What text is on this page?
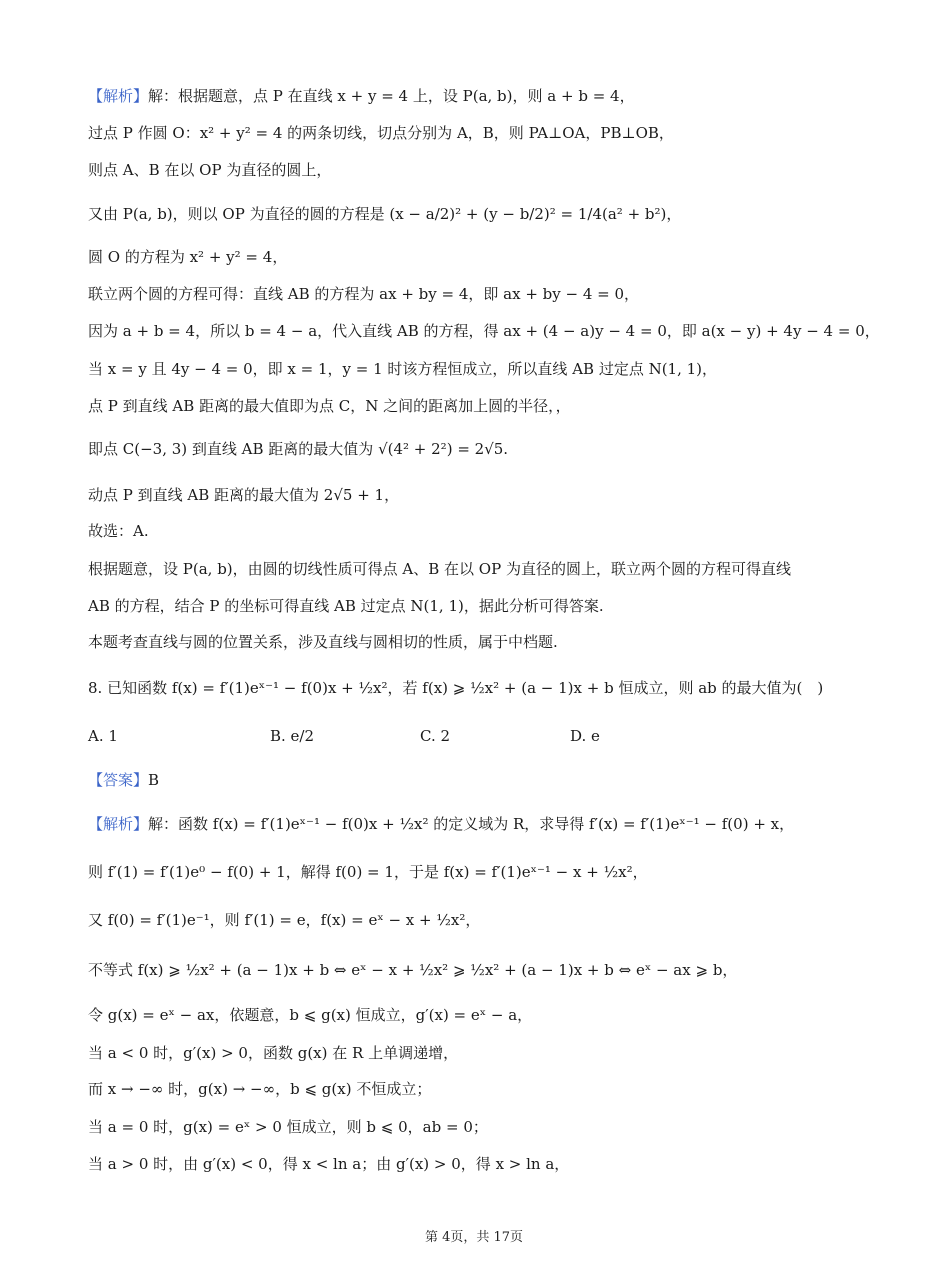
【解析】解：根据题意，点 P 在直线 x + y = 4 上，设 P(a, b)，则 a + b = 4，
过点 P 作圆 O：x² + y² = 4 的两条切线，切点分别为 A，B，则 PA⊥OA，PB⊥OB，
则点 A、B 在以 OP 为直径的圆上，
又由 P(a, b)，则以 OP 为直径的圆的方程是 (x − a/2)² + (y − b/2)² = 1/4(a² + b²)，
圆 O 的方程为 x² + y² = 4，
联立两个圆的方程可得：直线 AB 的方程为 ax + by = 4，即 ax + by − 4 = 0，
因为 a + b = 4，所以 b = 4 − a，代入直线 AB 的方程，得 ax + (4 − a)y − 4 = 0，即 a(x − y) + 4y − 4 = 0，
当 x = y 且 4y − 4 = 0，即 x = 1，y = 1 时该方程恒成立，所以直线 AB 过定点 N(1, 1)，
点 P 到直线 AB 距离的最大值即为点 C，N 之间的距离加上圆的半径，，
即点 C(−3, 3) 到直线 AB 距离的最大值为 √(4² + 2²) = 2√5.
动点 P 到直线 AB 距离的最大值为 2√5 + 1，
故选：A.
根据题意，设 P(a, b)，由圆的切线性质可得点 A、B 在以 OP 为直径的圆上，联立两个圆的方程可得直线
AB 的方程，结合 P 的坐标可得直线 AB 过定点 N(1, 1)，据此分析可得答案.
本题考查直线与圆的位置关系，涉及直线与圆相切的性质，属于中档题.
8. 已知函数 f(x) = f′(1)eˣ⁻¹ − f(0)x + ½x²，若 f(x) ⩾ ½x² + (a − 1)x + b 恒成立，则 ab 的最大值为(　)
A. 1	B. e/2	C. 2	D. e
【答案】B
【解析】解：函数 f(x) = f′(1)eˣ⁻¹ − f(0)x + ½x² 的定义域为 R，求导得 f′(x) = f′(1)eˣ⁻¹ − f(0) + x，
则 f′(1) = f′(1)e⁰ − f(0) + 1，解得 f(0) = 1，于是 f(x) = f′(1)eˣ⁻¹ − x + ½x²，
又 f(0) = f′(1)e⁻¹，则 f′(1) = e，f(x) = eˣ − x + ½x²，
不等式 f(x) ⩾ ½x² + (a − 1)x + b ⇔ eˣ − x + ½x² ⩾ ½x² + (a − 1)x + b ⇔ eˣ − ax ⩾ b，
令 g(x) = eˣ − ax，依题意，b ⩽ g(x) 恒成立，g′(x) = eˣ − a，
当 a < 0 时，g′(x) > 0，函数 g(x) 在 R 上单调递增，
而 x → −∞ 时，g(x) → −∞，b ⩽ g(x) 不恒成立；
当 a = 0 时，g(x) = eˣ > 0 恒成立，则 b ⩽ 0，ab = 0；
当 a > 0 时，由 g′(x) < 0，得 x < ln a；由 g′(x) > 0，得 x > ln a，
第 4页，共 17页
